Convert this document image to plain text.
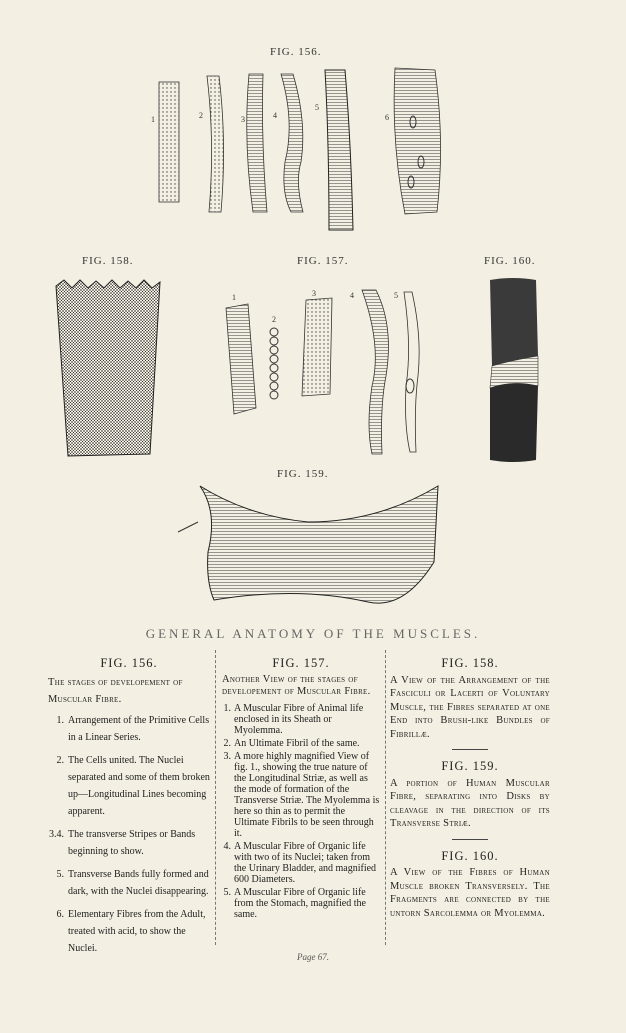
FIG. 156.
FIG. 158.	FIG. 157.	FIG. 160.
FIG. 159.
1	2	3	4
5
6
1
2
3	4	5
GENERAL ANATOMY OF THE MUSCLES.
FIG. 156.

The stages of developement of Muscular Fibre.

1. Arrangement of the Primitive Cells in a Linear Series.
2. The Cells united. The Nuclei separated and some of them broken up—Longitudinal Lines becoming apparent.
3.4. The transverse Stripes or Bands beginning to show.
5. Transverse Bands fully formed and dark, with the Nuclei disappearing.
6. Elementary Fibres from the Adult, treated with acid, to show the Nuclei.
FIG. 157.

Another View of the stages of developement of Muscular Fibre.

1. A Muscular Fibre of Animal life enclosed in its Sheath or Myolemma.
2. An Ultimate Fibril of the same.
3. A more highly magnified View of fig. 1., showing the true nature of the Longitudinal Striæ, as well as the mode of formation of the Transverse Striæ. The Myolemma is here so thin as to permit the Ultimate Fibrils to be seen through it.
4. A Muscular Fibre of Organic life with two of its Nuclei; taken from the Urinary Bladder, and magnified 600 Diameters.
5. A Muscular Fibre of Organic life from the Stomach, magnified the same.
FIG. 158.

A View of the Arrangement of the Fasciculi or Lacerti of Voluntary Muscle, the Fibres separated at one End into Brush-like Bundles of Fibrillæ.

FIG. 159.

A portion of Human Muscular Fibre, separating into Disks by cleavage in the direction of its Transverse Striæ.

FIG. 160.

A View of the Fibres of Human Muscle broken Transversely. The Fragments are connected by the untorn Sarcolemma or Myolemma.

Page 67.
